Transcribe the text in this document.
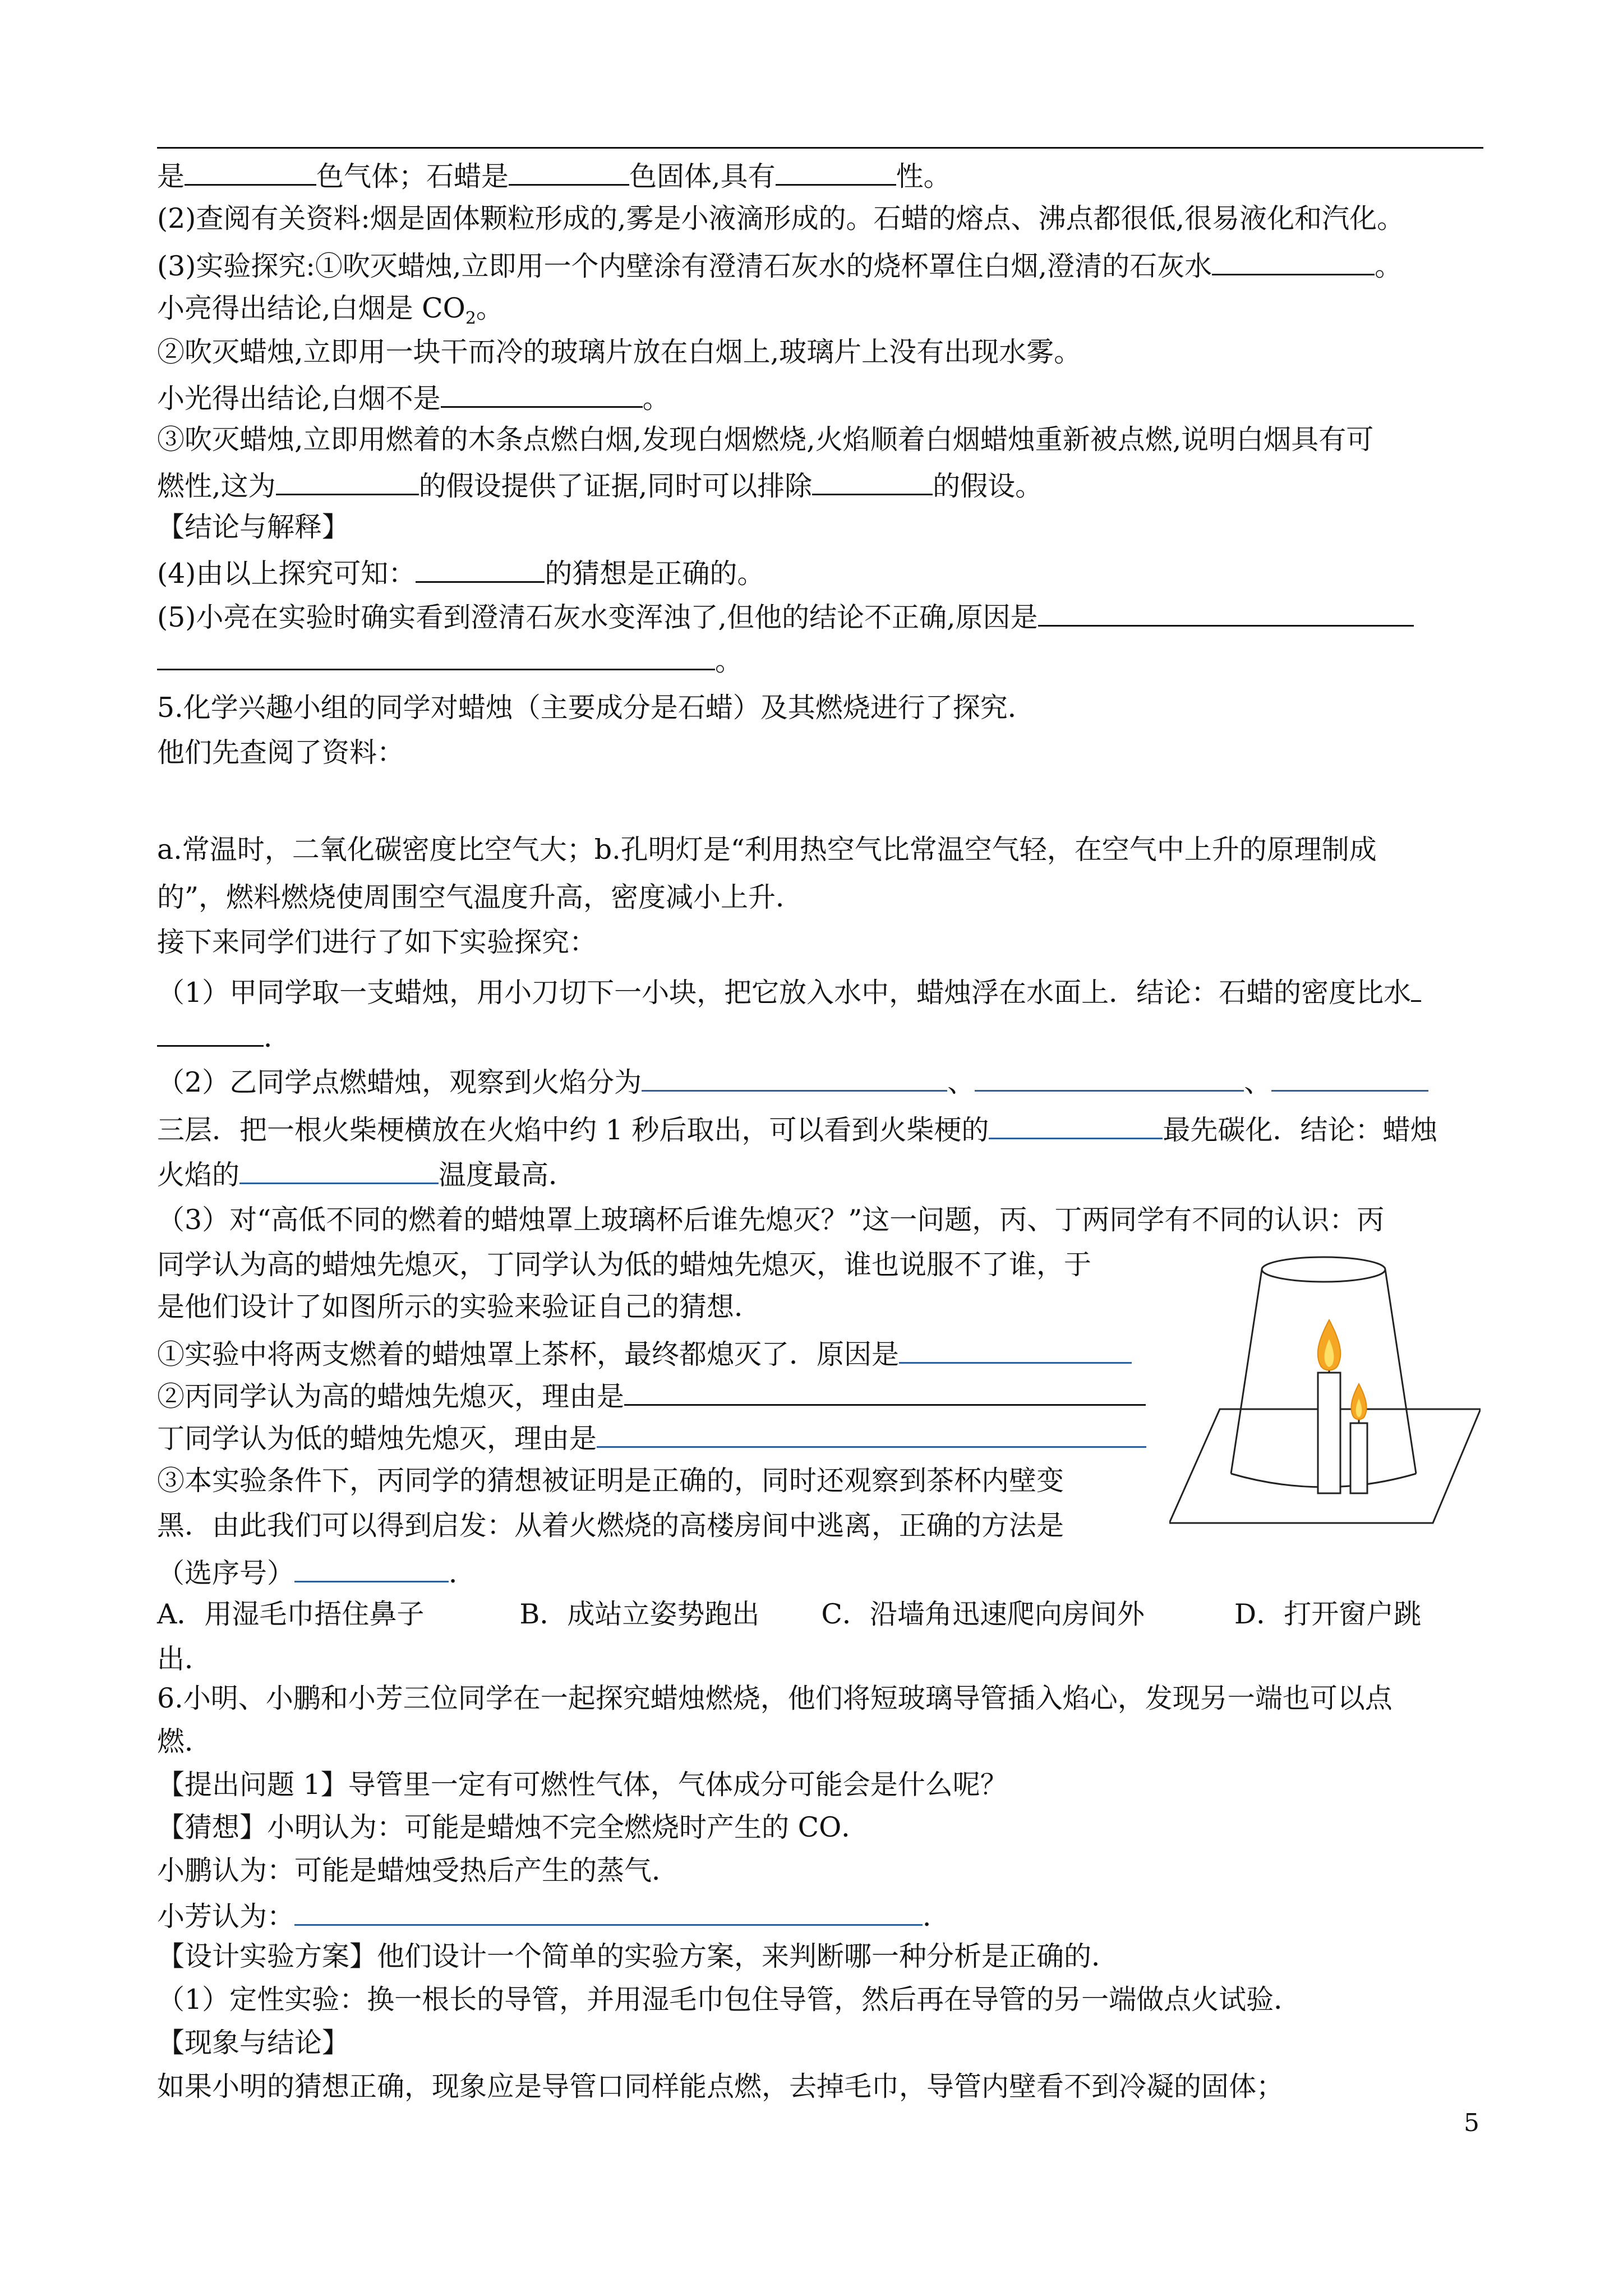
是	色气体；石蜡是	色固体,具有	性。
(2)查阅有关资料:烟是固体颗粒形成的,雾是小液滴形成的。石蜡的熔点、沸点都很低,很易液化和汽化。
(3)实验探究:①吹灭蜡烛,立即用一个内壁涂有澄清石灰水的烧杯罩住白烟,澄清的石灰水	。
小亮得出结论,白烟是 $CO_2$。
②吹灭蜡烛,立即用一块干而冷的玻璃片放在白烟上,玻璃片上没有出现水雾。
小光得出结论,白烟不是	。
③吹灭蜡烛,立即用燃着的木条点燃白烟,发现白烟燃烧,火焰顺着白烟蜡烛重新被点燃,说明白烟具有可
燃性,这为	的假设提供了证据,同时可以排除	的假设。
【结论与解释】
(4)由以上探究可知：	的猜想是正确的。
(5)小亮在实验时确实看到澄清石灰水变浑浊了,但他的结论不正确,原因是
。
5.化学兴趣小组的同学对蜡烛（主要成分是石蜡）及其燃烧进行了探究．
他们先查阅了资料：
a.常温时，二氧化碳密度比空气大；b.孔明灯是“利用热空气比常温空气轻，在空气中上升的原理制成
的”，燃料燃烧使周围空气温度升高，密度减小上升．
接下来同学们进行了如下实验探究：
（1）甲同学取一支蜡烛，用小刀切下一小块，把它放入水中，蜡烛浮在水面上．结论：石蜡的密度比水
．
（2）乙同学点燃蜡烛，观察到火焰分为	、	、
三层．把一根火柴梗横放在火焰中约 1 秒后取出，可以看到火柴梗的	最先碳化．结论：蜡烛
火焰的	温度最高．
（3）对“高低不同的燃着的蜡烛罩上玻璃杯后谁先熄灭？”这一问题，丙、丁两同学有不同的认识：丙
同学认为高的蜡烛先熄灭，丁同学认为低的蜡烛先熄灭，谁也说服不了谁，于
是他们设计了如图所示的实验来验证自己的猜想．
①实验中将两支燃着的蜡烛罩上茶杯，最终都熄灭了．原因是
②丙同学认为高的蜡烛先熄灭，理由是
丁同学认为低的蜡烛先熄灭，理由是
③本实验条件下，丙同学的猜想被证明是正确的，同时还观察到茶杯内壁变
黑．由此我们可以得到启发：从着火燃烧的高楼房间中逃离，正确的方法是
（选序号）	．
A．用湿毛巾捂住鼻子	B．成站立姿势跑出 C．沿墙角迅速爬向房间外	D．打开窗户跳
出．
6.小明、小鹏和小芳三位同学在一起探究蜡烛燃烧，他们将短玻璃导管插入焰心，发现另一端也可以点
燃．
【提出问题 1】导管里一定有可燃性气体，气体成分可能会是什么呢？
【猜想】小明认为：可能是蜡烛不完全燃烧时产生的 CO．
小鹏认为：可能是蜡烛受热后产生的蒸气．
小芳认为：	．
【设计实验方案】他们设计一个简单的实验方案，来判断哪一种分析是正确的．
（1）定性实验：换一根长的导管，并用湿毛巾包住导管，然后再在导管的另一端做点火试验．
【现象与结论】
如果小明的猜想正确，现象应是导管口同样能点燃，去掉毛巾，导管内壁看不到冷凝的固体；
5
